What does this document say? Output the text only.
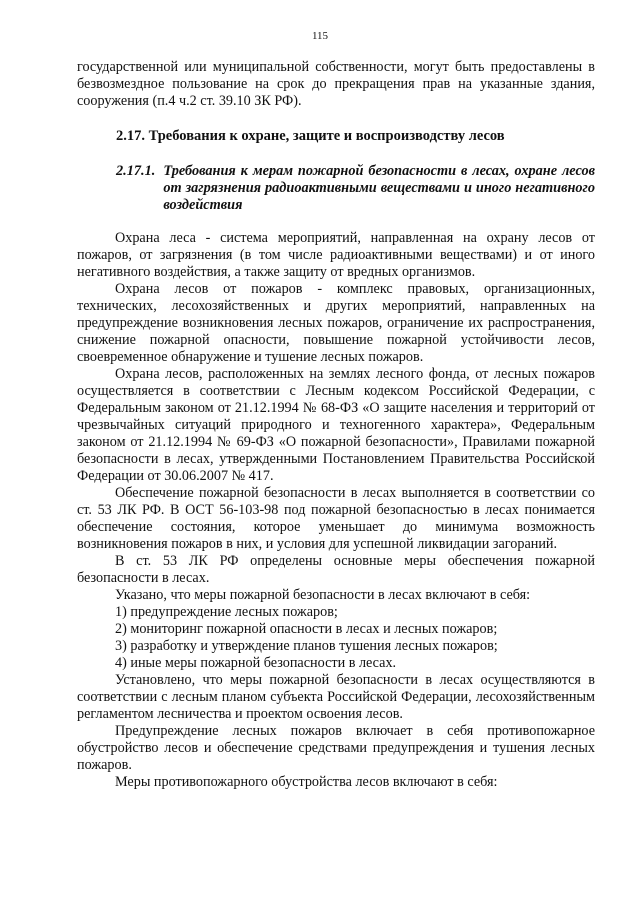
115

государственной или муниципальной собственности, могут быть предоставлены в безвозмездное пользование на срок до прекращения прав на указанные здания, сооружения (п.4 ч.2 ст. 39.10 ЗК РФ).

2.17. Требования к охране, защите и воспроизводству лесов
2.17.1. Требования к мерам пожарной безопасности в лесах, охране лесов от загрязнения радиоактивными веществами и иного негативного воздействия

Охрана леса - система мероприятий, направленная на охрану лесов от пожаров, от загрязнения (в том числе радиоактивными веществами) и от иного негативного воздействия, а также защиту от вредных организмов.

Охрана лесов от пожаров - комплекс правовых, организационных, технических, лесохозяйственных и других мероприятий, направленных на предупреждение возникновения лесных пожаров, ограничение их распространения, снижение пожарной опасности, повышение пожарной устойчивости лесов, своевременное обнаружение и тушение лесных пожаров.

Охрана лесов, расположенных на землях лесного фонда, от лесных пожаров осуществляется в соответствии с Лесным кодексом Российской Федерации, с Федеральным законом от 21.12.1994 № 68-ФЗ «О защите населения и территорий от чрезвычайных ситуаций природного и техногенного характера», Федеральным законом от 21.12.1994 № 69-ФЗ «О пожарной безопасности», Правилами пожарной безопасности в лесах, утвержденными Постановлением Правительства Российской Федерации от 30.06.2007 № 417.

Обеспечение пожарной безопасности в лесах выполняется в соответствии со ст. 53 ЛК РФ. В ОСТ 56-103-98 под пожарной безопасностью в лесах понимается обеспечение состояния, которое уменьшает до минимума возможность возникновения пожаров в них, и условия для успешной ликвидации загораний.

В ст. 53 ЛК РФ определены основные меры обеспечения пожарной безопасности в лесах.

Указано, что меры пожарной безопасности в лесах включают в себя:

1) предупреждение лесных пожаров;

2) мониторинг пожарной опасности в лесах и лесных пожаров;

3) разработку и утверждение планов тушения лесных пожаров;

4) иные меры пожарной безопасности в лесах.

Установлено, что меры пожарной безопасности в лесах осуществляются в соответствии с лесным планом субъекта Российской Федерации, лесохозяйственным регламентом лесничества и проектом освоения лесов.

Предупреждение лесных пожаров включает в себя противопожарное обустройство лесов и обеспечение средствами предупреждения и тушения лесных пожаров.

Меры противопожарного обустройства лесов включают в себя:
